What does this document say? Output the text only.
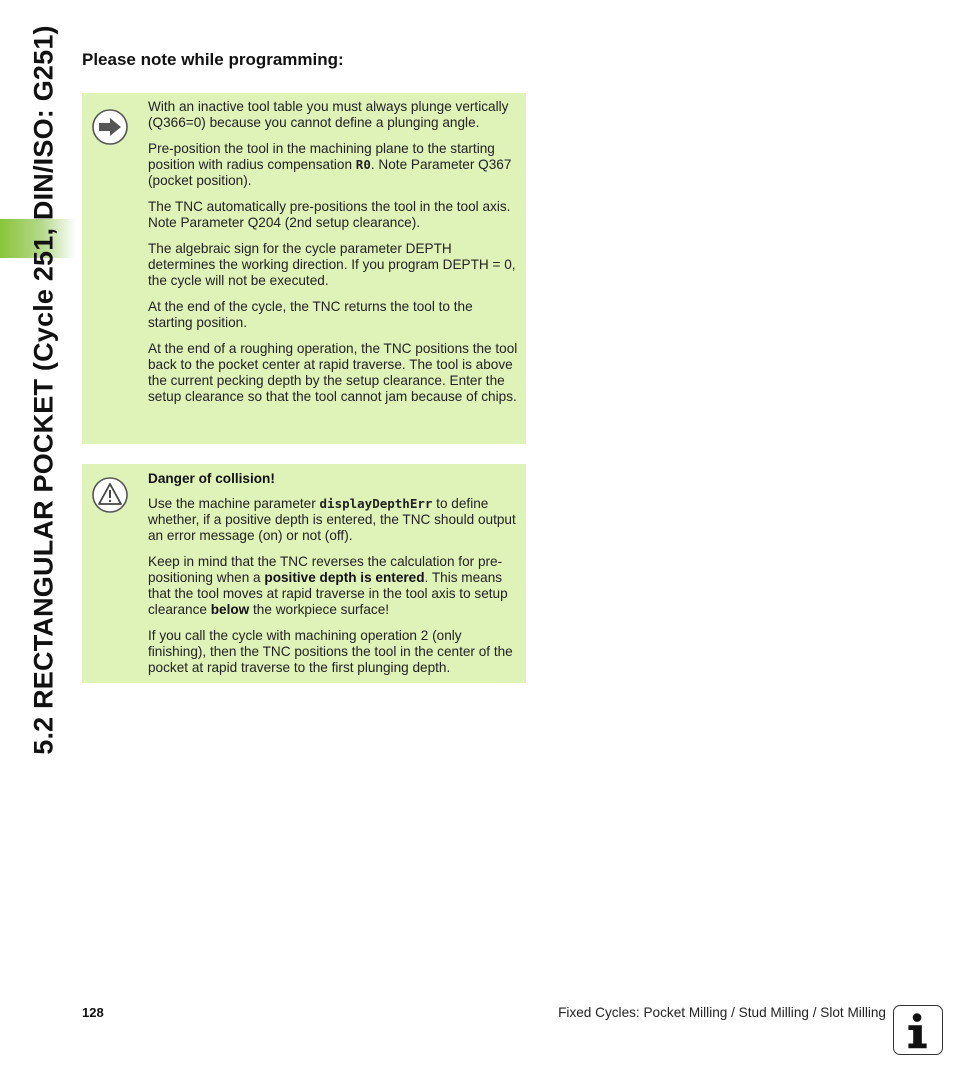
5.2 RECTANGULAR POCKET (Cycle 251, DIN/ISO: G251) Please note while programming:

With an inactive tool table you must always plunge vertically (Q366=0) because you cannot define a plunging angle.

Pre-position the tool in the machining plane to the starting position with radius compensation R0. Note Parameter Q367 (pocket position).

The TNC automatically pre-positions the tool in the tool axis. Note Parameter Q204 (2nd setup clearance).

The algebraic sign for the cycle parameter DEPTH determines the working direction. If you program DEPTH = 0, the cycle will not be executed.

At the end of the cycle, the TNC returns the tool to the starting position.

At the end of a roughing operation, the TNC positions the tool back to the pocket center at rapid traverse. The tool is above the current pecking depth by the setup clearance. Enter the setup clearance so that the tool cannot jam because of chips.

Danger of collision!

Use the machine parameter displayDepthErr to define whether, if a positive depth is entered, the TNC should output an error message (on) or not (off).

Keep in mind that the TNC reverses the calculation for pre-positioning when a positive depth is entered. This means that the tool moves at rapid traverse in the tool axis to setup clearance below the workpiece surface!

If you call the cycle with machining operation 2 (only finishing), then the TNC positions the tool in the center of the pocket at rapid traverse to the first plunging depth.

128	Fixed Cycles: Pocket Milling / Stud Milling / Slot Milling
